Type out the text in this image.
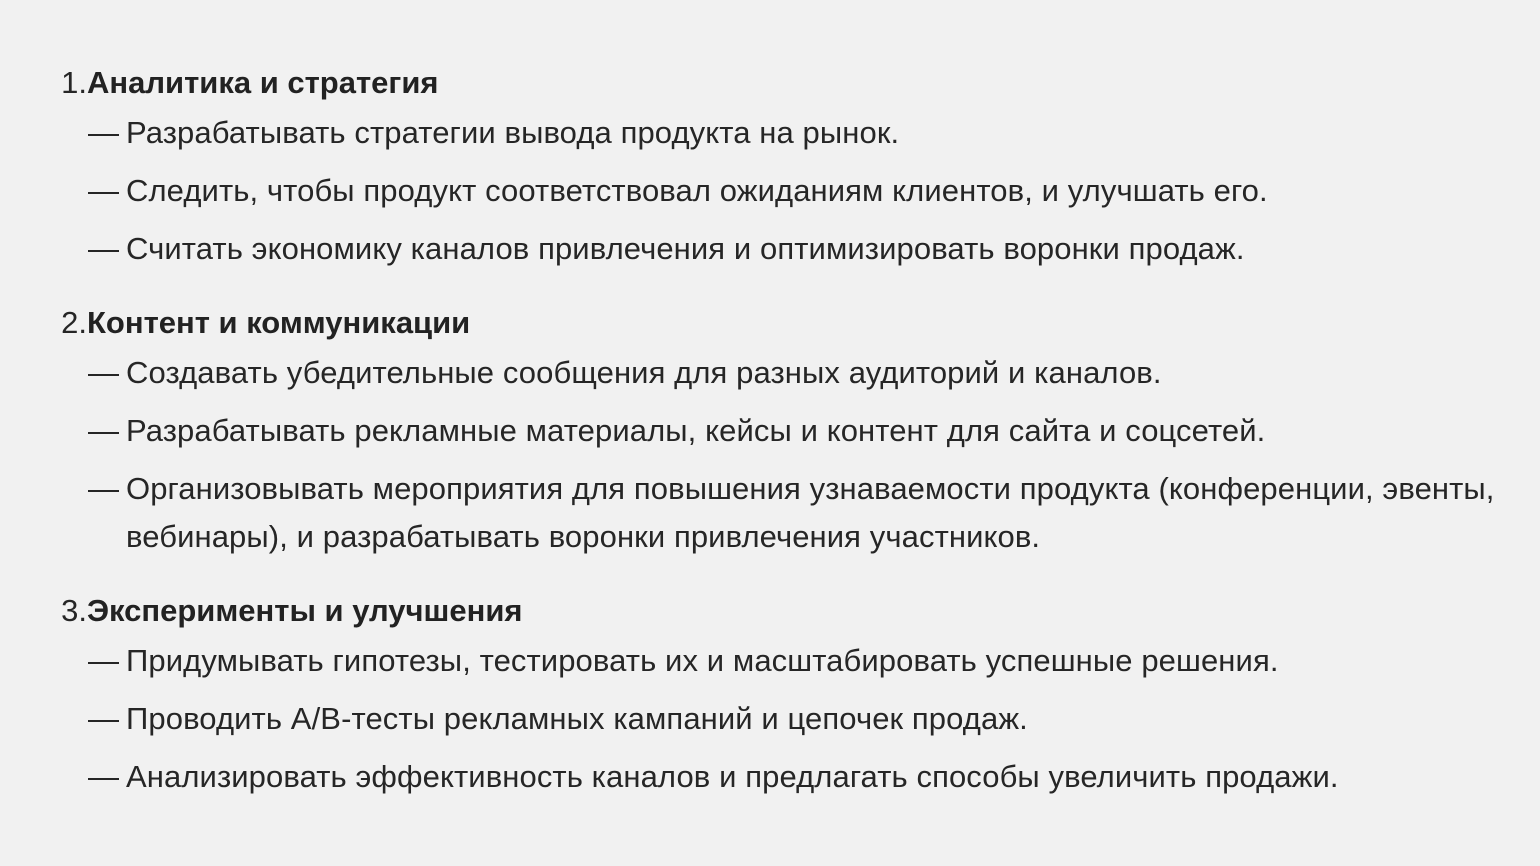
1. Аналитика и стратегия
— Разрабатывать стратегии вывода продукта на рынок.
— Следить, чтобы продукт соответствовал ожиданиям клиентов, и улучшать его.
— Считать экономику каналов привлечения и оптимизировать воронки продаж.
2. Контент и коммуникации
— Создавать убедительные сообщения для разных аудиторий и каналов.
— Разрабатывать рекламные материалы, кейсы и контент для сайта и соцсетей.
— Организовывать мероприятия для повышения узнаваемости продукта (конференции, эвенты, вебинары), и разрабатывать воронки привлечения участников.
3. Эксперименты и улучшения
— Придумывать гипотезы, тестировать их и масштабировать успешные решения.
— Проводить A/B-тесты рекламных кампаний и цепочек продаж.
— Анализировать эффективность каналов и предлагать способы увеличить продажи.
